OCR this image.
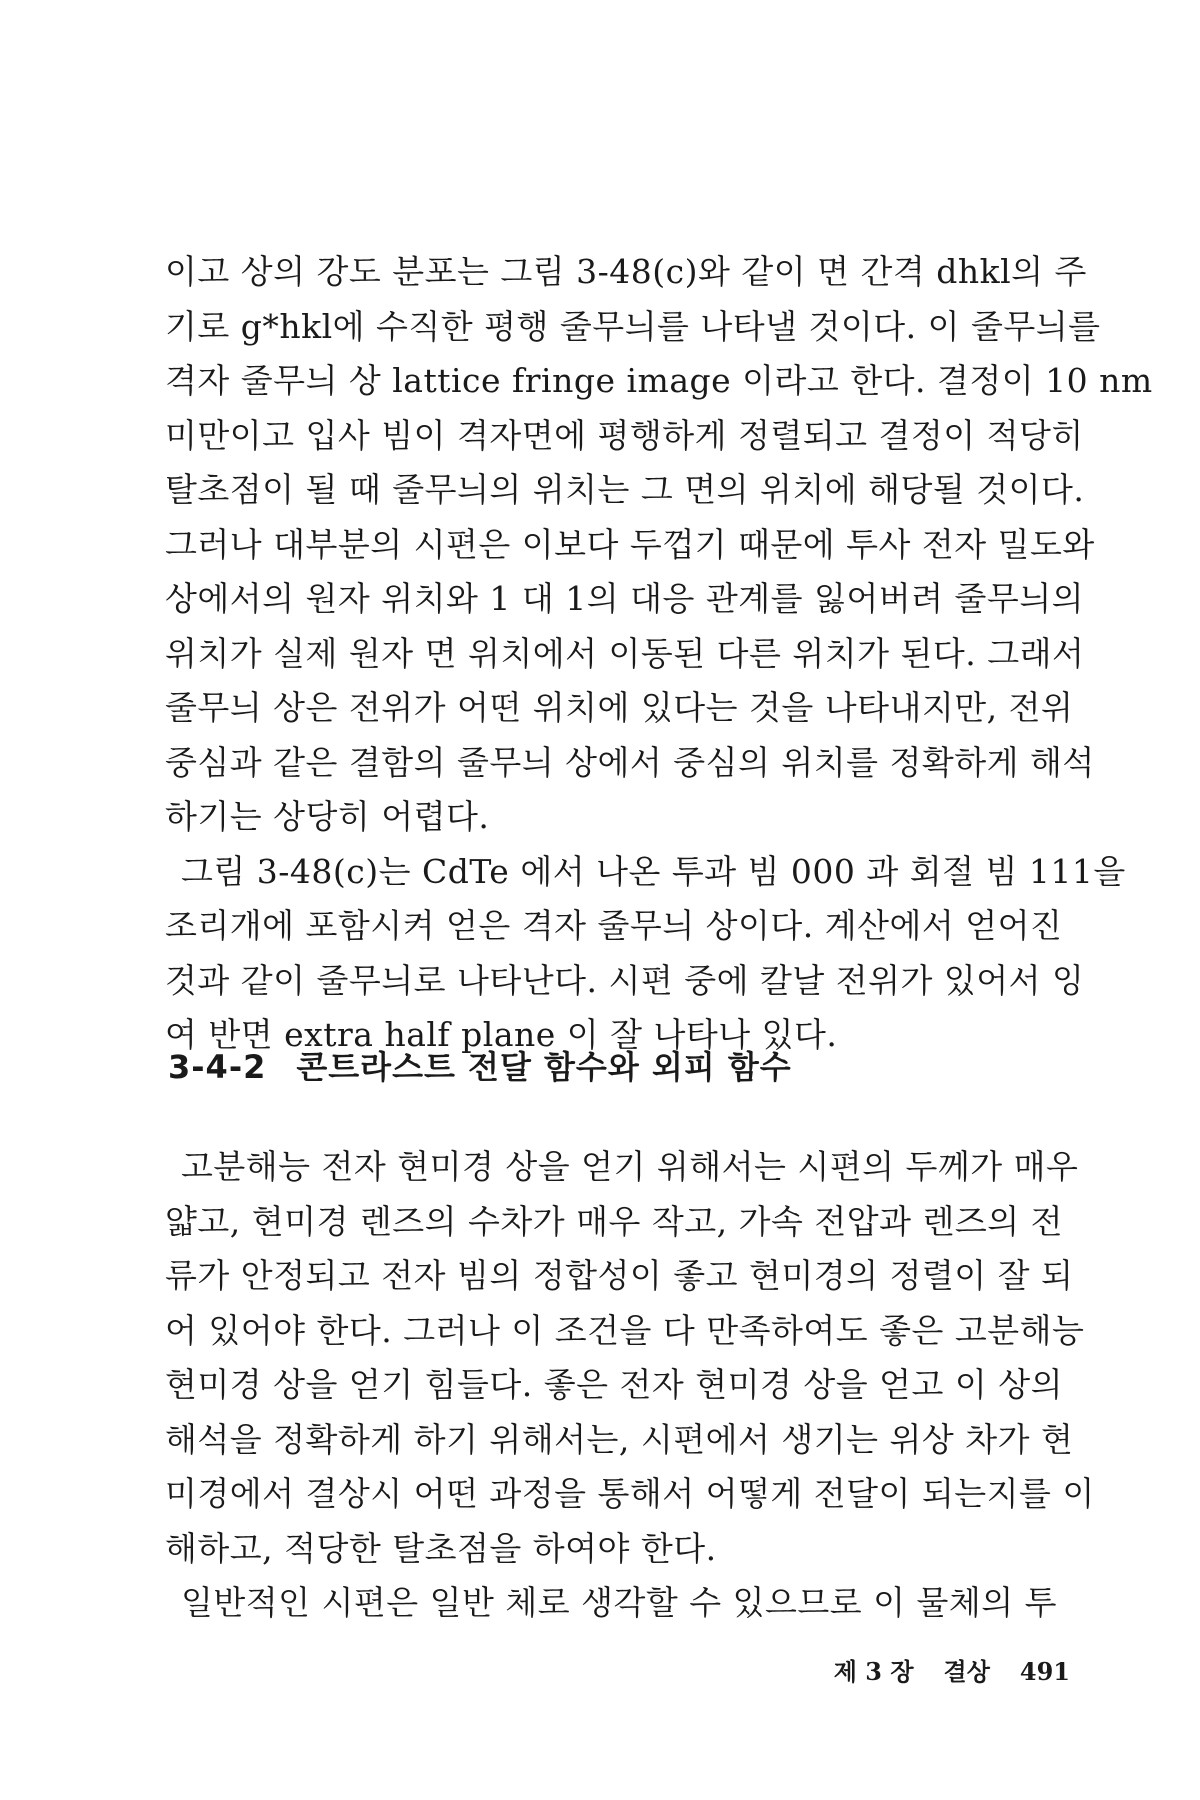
이고 상의 강도 분포는 그림 3-48(c)와 같이 면 간격 dhkl의 주
기로 g*hkl에 수직한 평행 줄무늬를 나타낼 것이다. 이 줄무늬를
격자 줄무늬 상 lattice fringe image 이라고 한다. 결정이 10 nm
미만이고 입사 빔이 격자면에 평행하게 정렬되고 결정이 적당히
탈초점이 될 때 줄무늬의 위치는 그 면의 위치에 해당될 것이다.
그러나 대부분의 시편은 이보다 두껍기 때문에 투사 전자 밀도와
상에서의 원자 위치와 1 대 1의 대응 관계를 잃어버려 줄무늬의
위치가 실제 원자 면 위치에서 이동된 다른 위치가 된다. 그래서
줄무늬 상은 전위가 어떤 위치에 있다는 것을 나타내지만, 전위
중심과 같은 결함의 줄무늬 상에서 중심의 위치를 정확하게 해석
하기는 상당히 어렵다.

그림 3-48(c)는 CdTe 에서 나온 투과 빔 000 과 회절 빔 111을
조리개에 포함시켜 얻은 격자 줄무늬 상이다. 계산에서 얻어진
것과 같이 줄무늬로 나타난다. 시편 중에 칼날 전위가 있어서 잉
여 반면 extra half plane 이 잘 나타나 있다.

3-4-2 콘트라스트 전달 함수와 외피 함수

고분해능 전자 현미경 상을 얻기 위해서는 시편의 두께가 매우
얇고, 현미경 렌즈의 수차가 매우 작고, 가속 전압과 렌즈의 전
류가 안정되고 전자 빔의 정합성이 좋고 현미경의 정렬이 잘 되
어 있어야 한다. 그러나 이 조건을 다 만족하여도 좋은 고분해능
현미경 상을 얻기 힘들다. 좋은 전자 현미경 상을 얻고 이 상의
해석을 정확하게 하기 위해서는, 시편에서 생기는 위상 차가 현
미경에서 결상시 어떤 과정을 통해서 어떻게 전달이 되는지를 이
해하고, 적당한 탈초점을 하여야 한다.

일반적인 시편은 일반 체로 생각할 수 있으므로 이 물체의 투

제 3 장 결상 491
